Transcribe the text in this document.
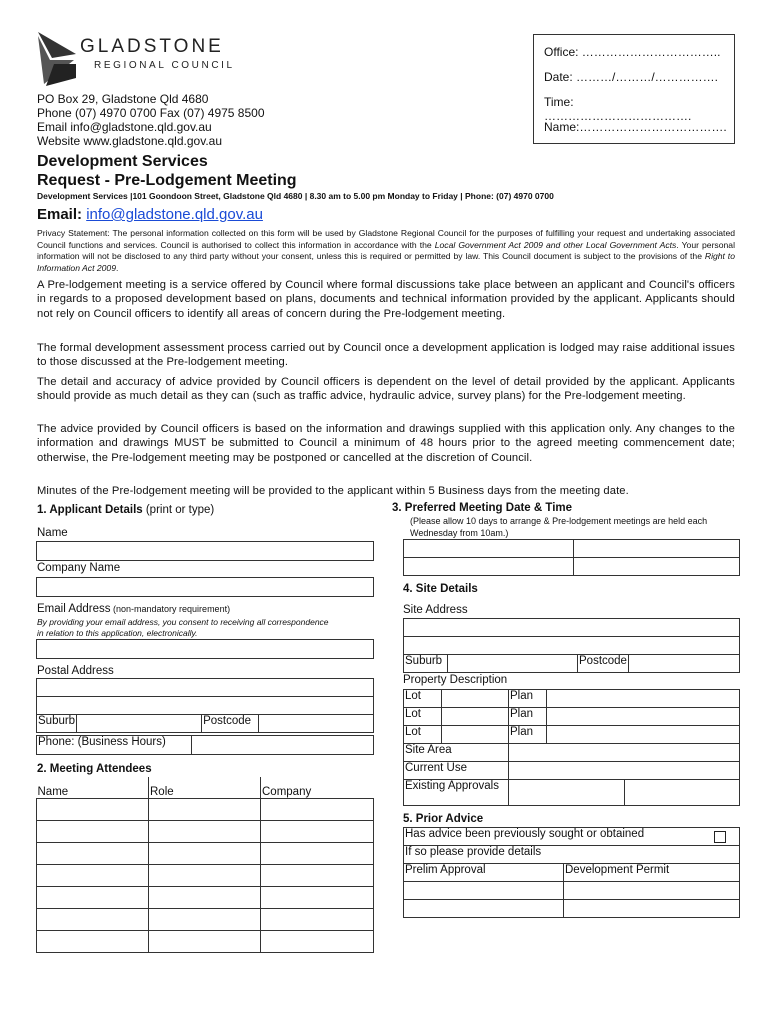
GLADSTONE
REGIONAL COUNCIL
PO Box 29, Gladstone Qld 4680
Phone (07) 4970 0700 Fax (07) 4975 8500
Email info@gladstone.qld.gov.au
Website www.gladstone.qld.gov.au
Office: ……………………………..
Date: ………/………/…………….
Time: ……………………………….
Name:……………………………….
Development Services
Request - Pre-Lodgement Meeting
Development Services |101 Goondoon Street, Gladstone Qld 4680 | 8.30 am to 5.00 pm Monday to Friday | Phone: (07) 4970 0700
Email: info@gladstone.qld.gov.au
Privacy Statement: The personal information collected on this form will be used by Gladstone Regional Council for the purposes of fulfilling your request and undertaking associated Council functions and services. Council is authorised to collect this information in accordance with the Local Government Act 2009 and other Local Government Acts. Your personal information will not be disclosed to any third party without your consent, unless this is required or permitted by law. This Council document is subject to the provisions of the Right to Information Act 2009.
A Pre-lodgement meeting is a service offered by Council where formal discussions take place between an applicant and Council's officers in regards to a proposed development based on plans, documents and technical information provided by the applicant. Applicants should not rely on Council officers to identify all areas of concern during the Pre-lodgement meeting.
The formal development assessment process carried out by Council once a development application is lodged may raise additional issues to those discussed at the Pre-lodgement meeting.
The detail and accuracy of advice provided by Council officers is dependent on the level of detail provided by the applicant. Applicants should provide as much detail as they can (such as traffic advice, hydraulic advice, survey plans) for the Pre-lodgement meeting.
The advice provided by Council officers is based on the information and drawings supplied with this application only. Any changes to the information and drawings MUST be submitted to Council a minimum of 48 hours prior to the agreed meeting commencement date; otherwise, the Pre-lodgement meeting may be postponed or cancelled at the discretion of Council.
Minutes of the Pre-lodgement meeting will be provided to the applicant within 5 Business days from the meeting date.
1. Applicant Details (print or type)
Name
Company Name
Email Address (non-mandatory requirement)
By providing your email address, you consent to receiving all correspondence in relation to this application, electronically.
Postal Address

Suburb		Postcode	
Phone: (Business Hours)	
2. Meeting Attendees
Name	Role	Company

3. Preferred Meeting Date & Time
(Please allow 10 days to arrange & Pre-lodgement meetings are held each Wednesday from 10am.)

4. Site Details
Site Address

Suburb		Postcode	
Property Description
Lot		Plan	
Lot		Plan	
Lot		Plan	
Site Area		
Current Use		
Existing Approvals		
5. Prior Advice
Has advice been previously sought or obtained	

If so please provide details	
Prelim Approval	Development Permit
